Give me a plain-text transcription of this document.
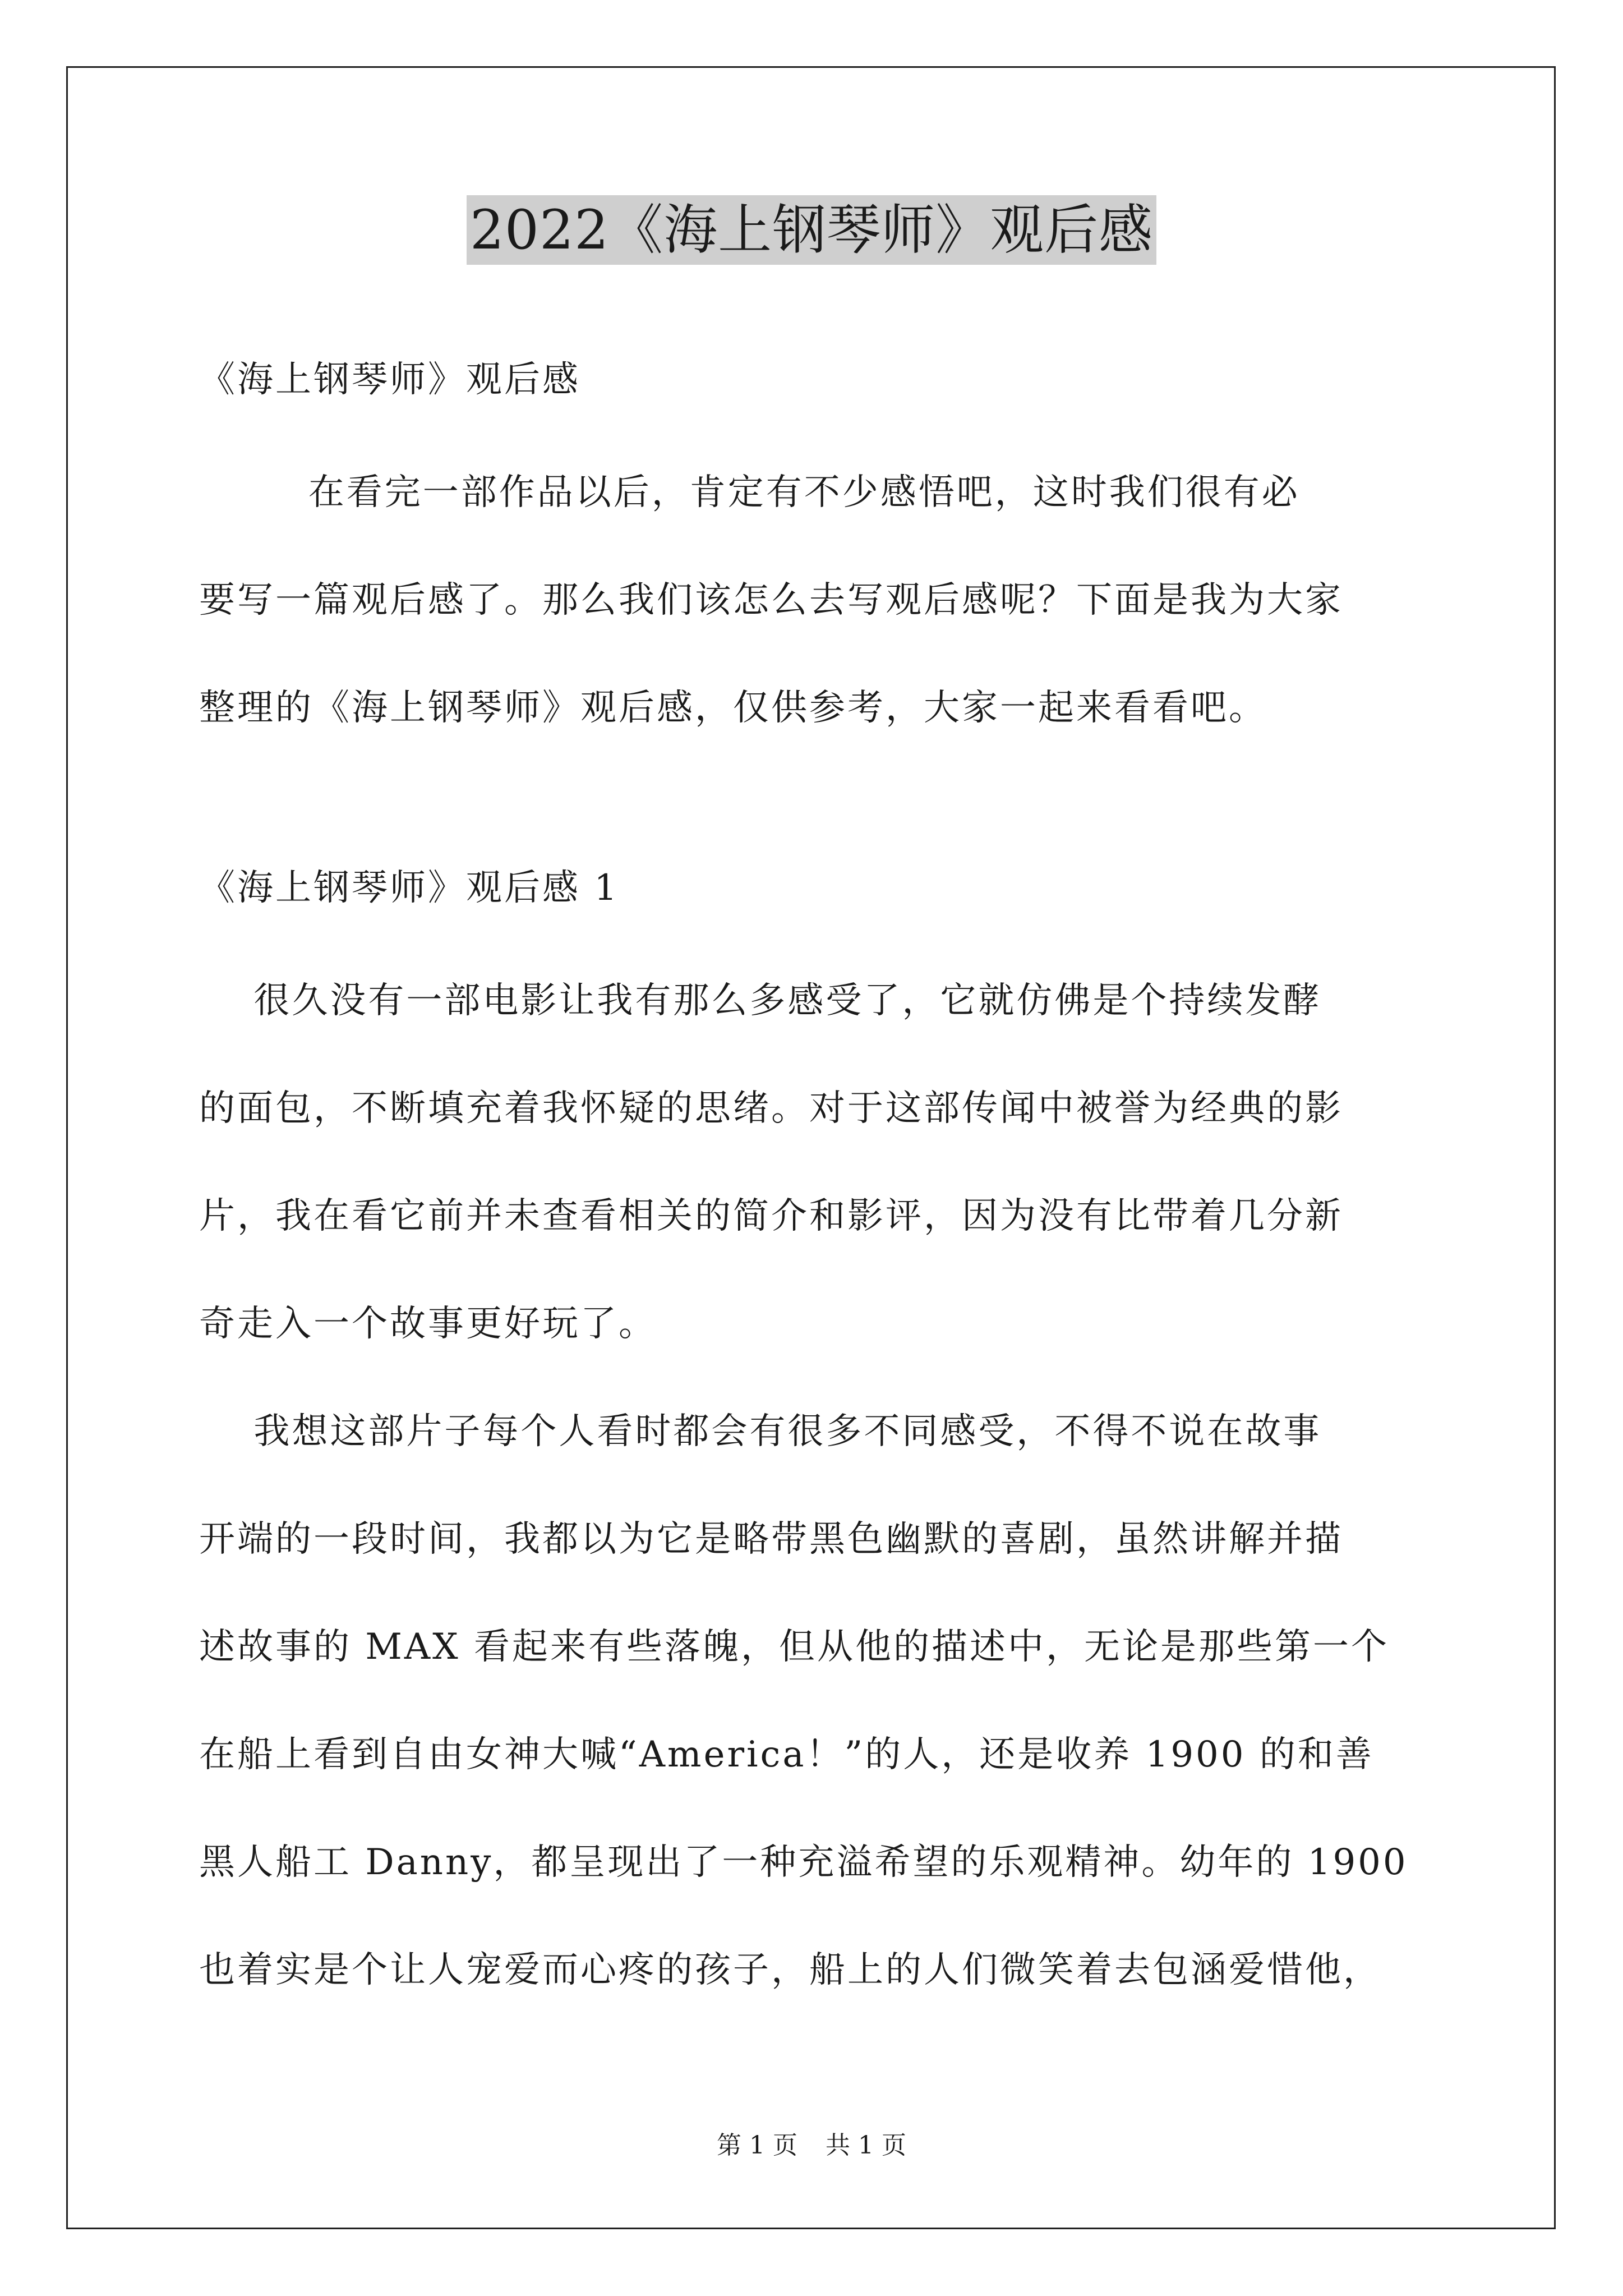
2022《海上钢琴师》观后感
《海上钢琴师》观后感
在看完一部作品以后，肯定有不少感悟吧，这时我们很有必
要写一篇观后感了。那么我们该怎么去写观后感呢？下面是我为大家
整理的《海上钢琴师》观后感，仅供参考，大家一起来看看吧。
《海上钢琴师》观后感 1
很久没有一部电影让我有那么多感受了，它就仿佛是个持续发酵
的面包，不断填充着我怀疑的思绪。对于这部传闻中被誉为经典的影
片，我在看它前并未查看相关的简介和影评，因为没有比带着几分新
奇走入一个故事更好玩了。
我想这部片子每个人看时都会有很多不同感受，不得不说在故事
开端的一段时间，我都以为它是略带黑色幽默的喜剧，虽然讲解并描
述故事的 MAX 看起来有些落魄，但从他的描述中，无论是那些第一个
在船上看到自由女神大喊“America！”的人，还是收养 1900 的和善
黑人船工 Danny，都呈现出了一种充溢希望的乐观精神。幼年的 1900
也着实是个让人宠爱而心疼的孩子，船上的人们微笑着去包涵爱惜他，
第 1 页 共 1 页
